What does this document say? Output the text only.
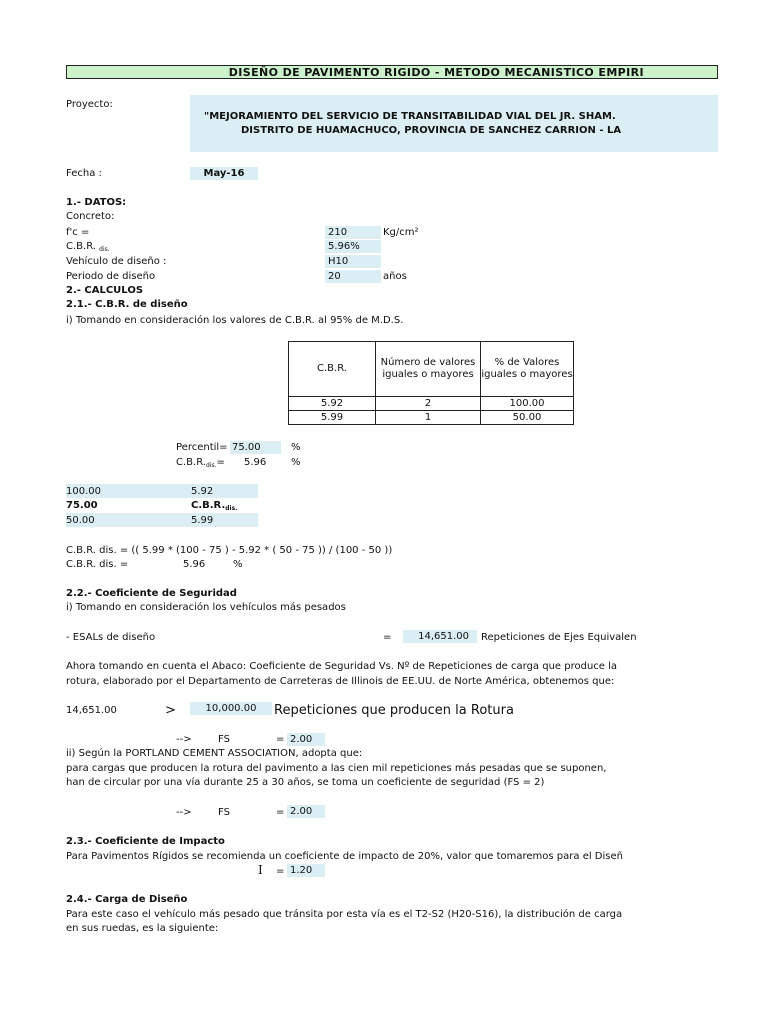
DISEÑO DE PAVIMENTO RIGIDO - METODO MECANISTICO EMPIRI
Proyecto:
"MEJORAMIENTO DEL SERVICIO DE TRANSITABILIDAD VIAL DEL JR. SHAM.
DISTRITO DE HUAMACHUCO, PROVINCIA DE SANCHEZ CARRION - LA
Fecha :	May-16
1.- DATOS:
Concreto:
f'c =	210	Kg/cm²
C.B.R. $_{dis.}$	5.96%
Vehículo de diseño :	H10
Periodo de diseño	20	años
2.- CALCULOS
2.1.- C.B.R. de diseño
i) Tomando en consideración los valores de C.B.R. al 95% de M.D.S.
C.B.R.	Número de valores iguales o mayores	% de Valores iguales o mayores
5.92	2	100.00
5.99	1	50.00
Percentil= 75.00	%
$C.B.R._{dis.}= 5.96$ %
100.00	5.92
75.00	$C.B.R._{dis.}$
50.00	5.99
C.B.R. dis. = (( 5.99 * (100 - 75 ) - 5.92 * ( 50 - 75 )) / (100 - 50 ))
C.B.R. dis. =	5.96	%
2.2.- Coeficiente de Seguridad
i) Tomando en consideración los vehículos más pesados
- ESALs de diseño	=	14,651.00	Repeticiones de Ejes Equivalen
Ahora tomando en cuenta el Abaco: Coeficiente de Seguridad Vs. Nº de Repeticiones de carga que produce la
rotura, elaborado por el Departamento de Carreteras de Illinois de EE.UU. de Norte América, obtenemos que:
14,651.00	>	10,000.00	Repeticiones que producen la Rotura
-->	FS	= 2.00
ii) Según la PORTLAND CEMENT ASSOCIATION, adopta que:
para cargas que producen la rotura del pavimento a las cien mil repeticiones más pesadas que se suponen,
han de circular por una vía durante 25 a 30 años, se toma un coeficiente de seguridad (FS = 2)
-->	FS	= 2.00
2.3.- Coeficiente de Impacto
Para Pavimentos Rígidos se recomienda un coeficiente de impacto de 20%, valor que tomaremos para el Diseñ
I = 1.20
2.4.- Carga de Diseño
Para este caso el vehículo más pesado que tránsita por esta vía es el T2-S2 (H20-S16), la distribución de carga
en sus ruedas, es la siguiente:
